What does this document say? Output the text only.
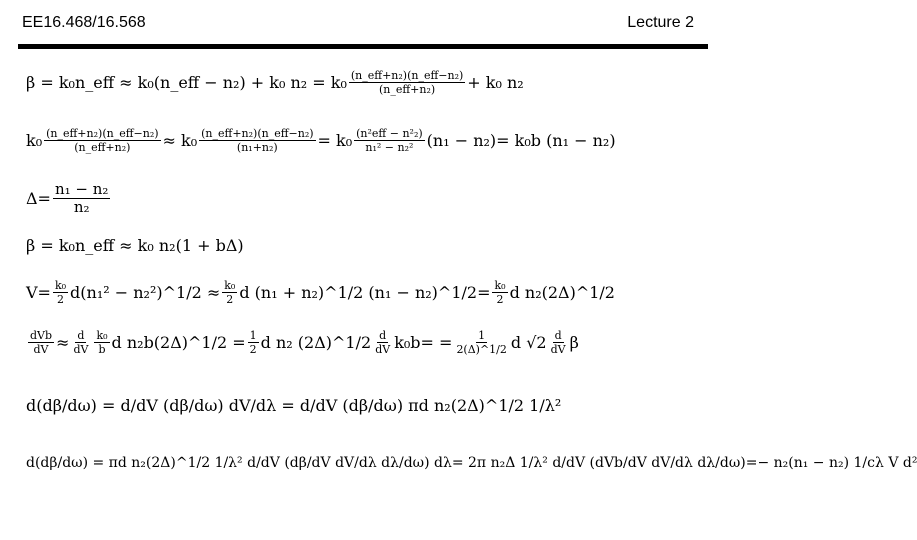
EE16.468/16.568	Lecture 2
β = k₀n_eff ≈ k₀(n_eff − n₂) + k₀ n₂ = k₀ (n_eff+n₂)(n_eff−n₂)
(n_eff+n₂) + k₀ n₂
k₀ (n_eff+n₂)(n_eff−n₂)
(n_eff+n₂) ≈ k₀ (n_eff+n₂)(n_eff−n₂)
(n₁+n₂) = k₀ (n²eff − n²₂)
n₁² − n₂² (n₁ − n₂)= k₀b (n₁ − n₂)
$\Delta= \frac{\text{n₁ − n₂}}{\text{n₂}}$
β = k₀n_eff ≈ k₀ n₂(1 + bΔ)
$V= \frac{\text{k₀}}{2} d(n_1^2$ − n₂²)^1/2 ≈ $\frac{\text{k₀}}{2}$ d (n₁ + n₂)^1/2 (n₁ − n₂)^1/2= $\frac{\text{k₀}}{2}$ d n₂(2Δ)^1/2
dVb
dV ≈ $\frac{d}{dV} k_0$
b d n₂b(2Δ)^1/2 = $\frac{1}{2}$ d n₂ (2Δ)^1/2 d
dV $k_0b= = \frac{1}{2(\Delta)\^{}1/2}$ d √2 d
dV β
d(dβ/dω) = d/dV (dβ/dω) dV/dλ = d/dV (dβ/dω) πd n₂(2Δ)^1/2 1/λ²
d(dβ/dω) = πd n₂(2Δ)^1/2 1/λ² d/dV (dβ/dV dV/dλ dλ/dω) dλ= 2π n₂Δ 1/λ² d/dV (dVb/dV dV/dλ dλ/dω)=− n₂(n₁ − n₂) 1/cλ V d²
